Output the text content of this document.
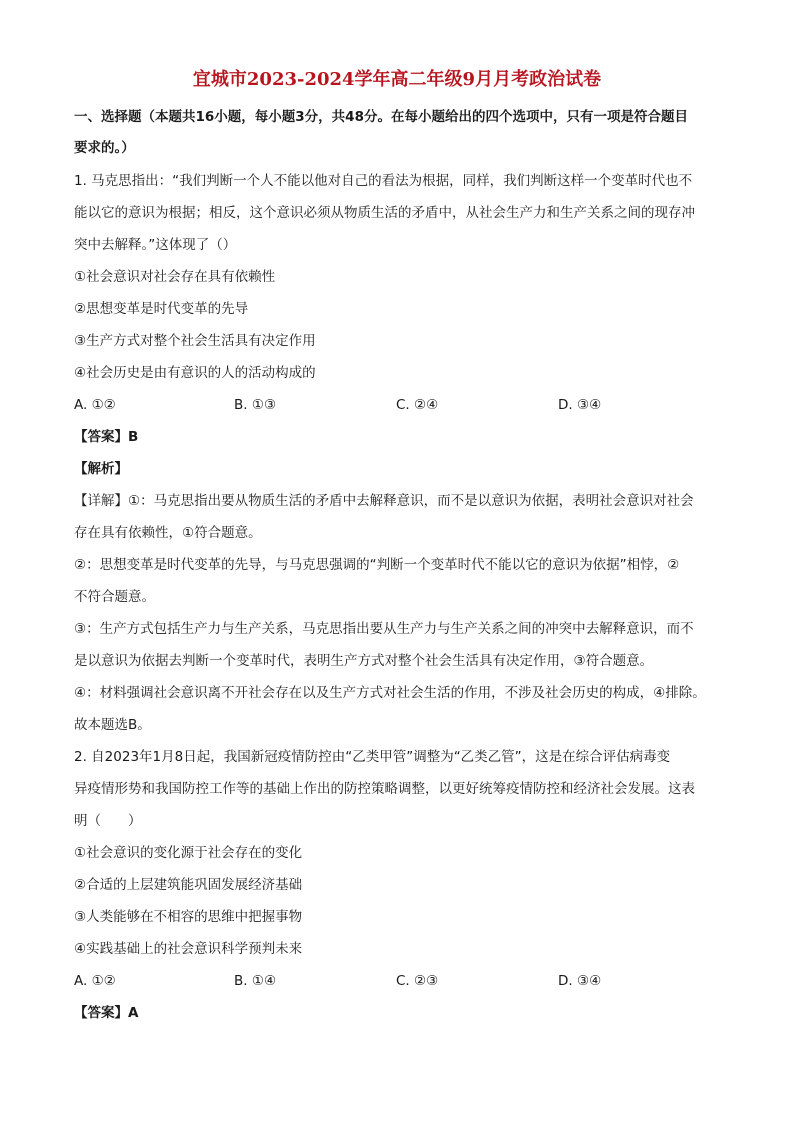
宜城市2023-2024学年高二年级9月月考政治试卷
一、选择题（本题共16小题，每小题3分，共48分。在每小题给出的四个选项中，只有一项是符合题目
要求的。）
1. 马克思指出：“我们判断一个人不能以他对自己的看法为根据，同样，我们判断这样一个变革时代也不
能以它的意识为根据；相反，这个意识必须从物质生活的矛盾中，从社会生产力和生产关系之间的现存冲
突中去解释。”这体现了（）
①社会意识对社会存在具有依赖性
②思想变革是时代变革的先导
③生产方式对整个社会生活具有决定作用
④社会历史是由有意识的人的活动构成的
A. ①②	B. ①③	C. ②④	D. ③④
【答案】B
【解析】
【详解】①：马克思指出要从物质生活的矛盾中去解释意识，而不是以意识为依据，表明社会意识对社会
存在具有依赖性，①符合题意。
②：思想变革是时代变革的先导，与马克思强调的“判断一个变革时代不能以它的意识为依据”相悖，②
不符合题意。
③：生产方式包括生产力与生产关系，马克思指出要从生产力与生产关系之间的冲突中去解释意识，而不
是以意识为依据去判断一个变革时代，表明生产方式对整个社会生活具有决定作用，③符合题意。
④：材料强调社会意识离不开社会存在以及生产方式对社会生活的作用，不涉及社会历史的构成，④排除。
故本题选B。
2. 自2023年1月8日起，我国新冠疫情防控由“乙类甲管”调整为“乙类乙管”，这是在综合评估病毒变
异疫情形势和我国防控工作等的基础上作出的防控策略调整，以更好统筹疫情防控和经济社会发展。这表
明（　　）
①社会意识的变化源于社会存在的变化
②合适的上层建筑能巩固发展经济基础
③人类能够在不相容的思维中把握事物
④实践基础上的社会意识科学预判未来
A. ①②	B. ①④	C. ②③	D. ③④
【答案】A
